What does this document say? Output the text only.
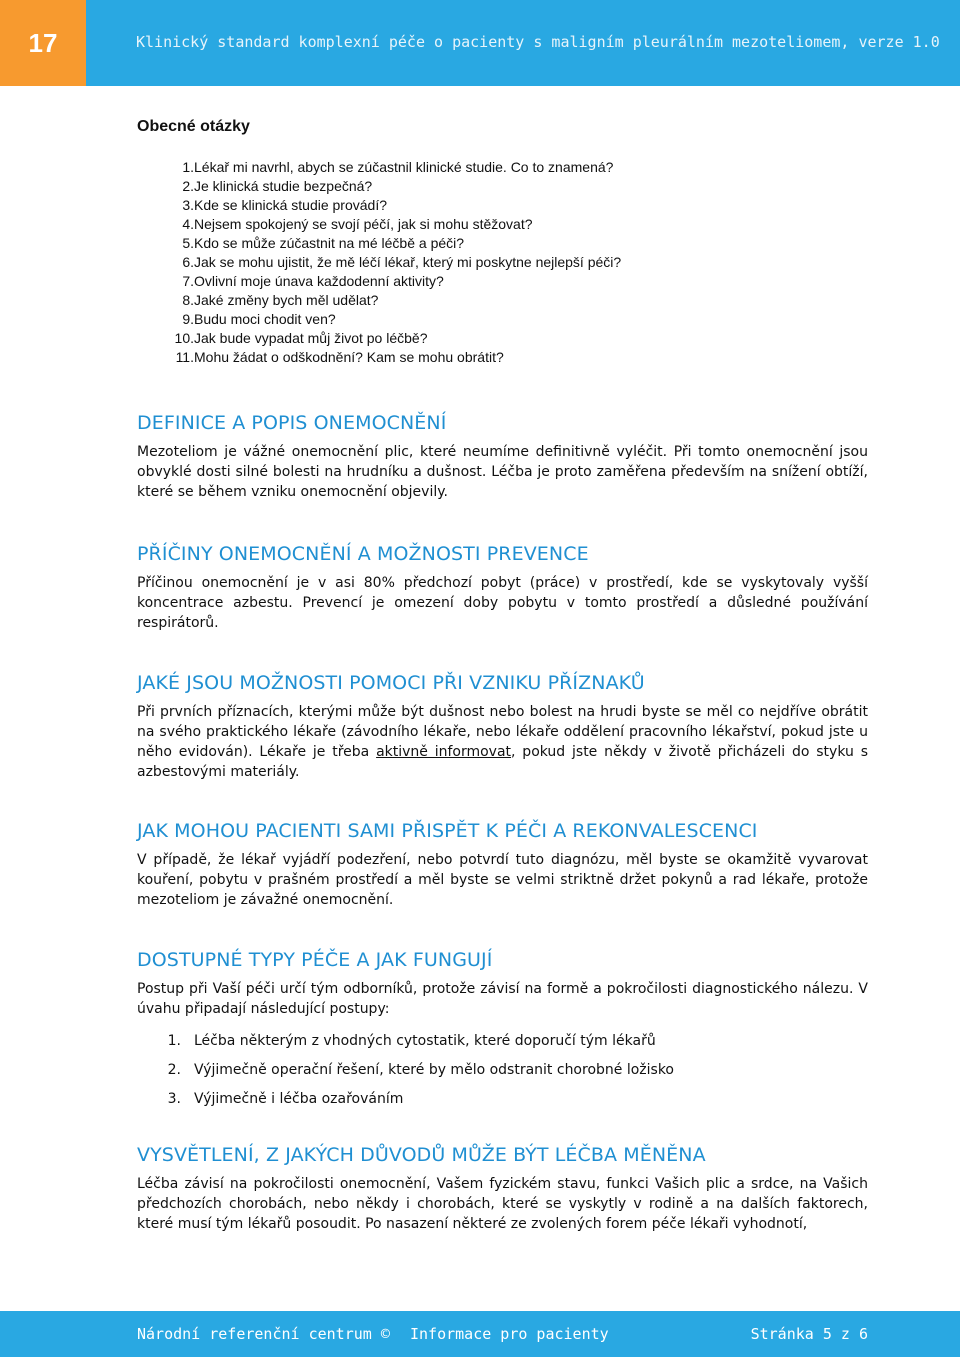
17	Klinický standard komplexní péče o pacienty s maligním pleurálním mezoteliomem, verze 1.0
Obecné otázky
1. Lékař mi navrhl, abych se zúčastnil klinické studie. Co to znamená?
2. Je klinická studie bezpečná?
3. Kde se klinická studie provádí?
4. Nejsem spokojený se svojí péčí, jak si mohu stěžovat?
5. Kdo se může zúčastnit na mé léčbě a péči?
6. Jak se mohu ujistit, že mě léčí lékař, který mi poskytne nejlepší péči?
7. Ovlivní moje únava každodenní aktivity?
8. Jaké změny bych měl udělat?
9. Budu moci chodit ven?
10. Jak bude vypadat můj život po léčbě?
11. Mohu žádat o odškodnění? Kam se mohu obrátit?
DEFINICE A POPIS ONEMOCNĚNÍ

Mezoteliom je vážné onemocnění plic, které neumíme definitivně vyléčit. Při tomto onemocnění jsou obvyklé dosti silné bolesti na hrudníku a dušnost. Léčba je proto zaměřena především na snížení obtíží, které se během vzniku onemocnění objevily.

PŘÍČINY ONEMOCNĚNÍ A MOŽNOSTI PREVENCE

Příčinou onemocnění je v asi 80% předchozí pobyt (práce) v prostředí, kde se vyskytovaly vyšší koncentrace azbestu. Prevencí je omezení doby pobytu v tomto prostředí a důsledné používání respirátorů.

JAKÉ JSOU MOŽNOSTI POMOCI PŘI VZNIKU PŘÍZNAKŮ

Při prvních příznacích, kterými může být dušnost nebo bolest na hrudi byste se měl co nejdříve obrátit na svého praktického lékaře (závodního lékaře, nebo lékaře oddělení pracovního lékařství, pokud jste u něho evidován). Lékaře je třeba aktivně informovat, pokud jste někdy v životě přicházeli do styku s azbestovými materiály.

JAK MOHOU PACIENTI SAMI PŘISPĚT K PÉČI A REKONVALESCENCI

V případě, že lékař vyjádří podezření, nebo potvrdí tuto diagnózu, měl byste se okamžitě vyvarovat kouření, pobytu v prašném prostředí a měl byste se velmi striktně držet pokynů a rad lékaře, protože mezoteliom je závažné onemocnění.

DOSTUPNÉ TYPY PÉČE A JAK FUNGUJÍ

Postup při Vaší péči určí tým odborníků, protože závisí na formě a pokročilosti diagnostického nálezu. V úvahu připadají následující postupy:

1. Léčba některým z vhodných cytostatik, které doporučí tým lékařů
2. Výjimečně operační řešení, které by mělo odstranit chorobné ložisko
3. Výjimečně i léčba ozařováním
VYSVĚTLENÍ, Z JAKÝCH DŮVODŮ MŮŽE BÝT LÉČBA MĚNĚNA

Léčba závisí na pokročilosti onemocnění, Vašem fyzickém stavu, funkci Vašich plic a srdce, na Vašich předchozích chorobách, nebo někdy i chorobách, které se vyskytly v rodině a na dalších faktorech, které musí tým lékařů posoudit. Po nasazení některé ze zvolených forem péče lékaři vyhodnotí,

Národní referenční centrum © Informace pro pacienty	Stránka 5 z 6
